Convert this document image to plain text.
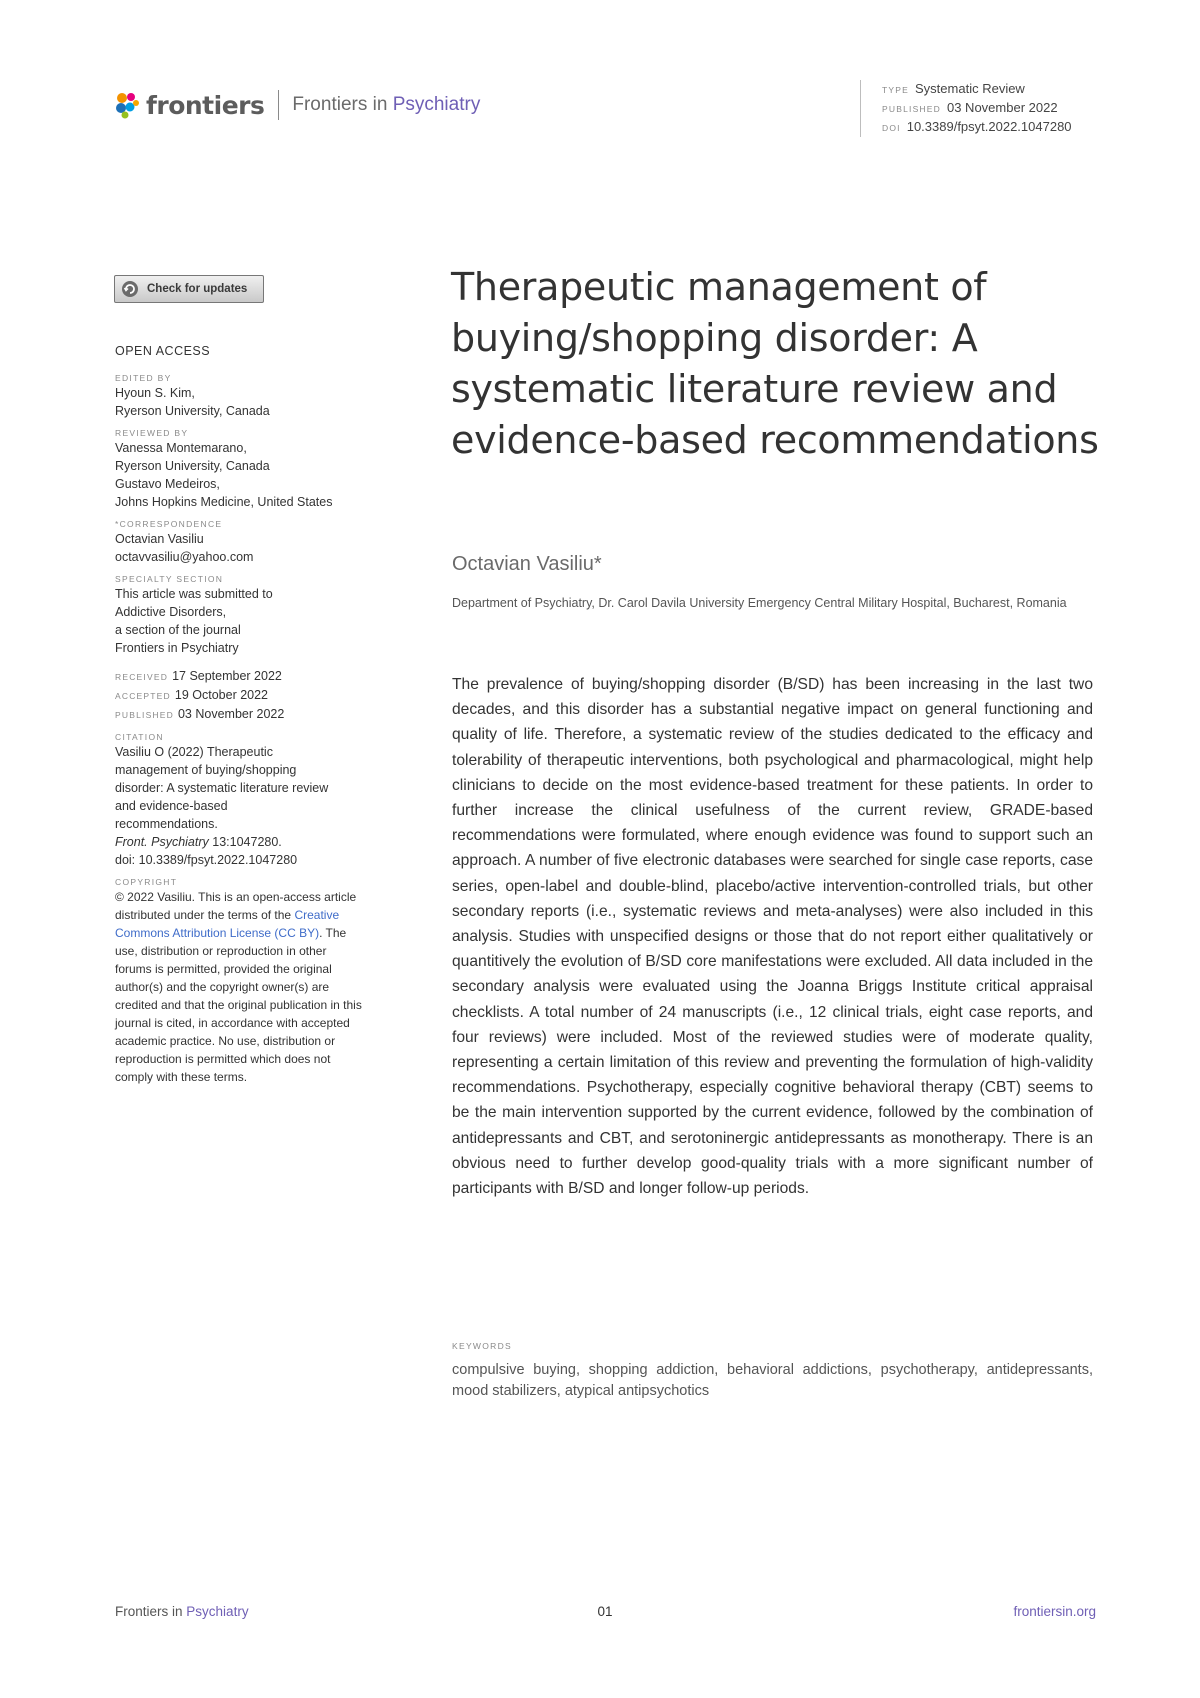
frontiers Frontiers in Psychiatry
TYPE Systematic Review
PUBLISHED 03 November 2022
DOI 10.3389/fpsyt.2022.1047280
Check for updates
OPEN ACCESS
EDITED BY
Hyoun S. Kim,
Ryerson University, Canada
REVIEWED BY
Vanessa Montemarano,
Ryerson University, Canada
Gustavo Medeiros,
Johns Hopkins Medicine, United States
*CORRESPONDENCE
Octavian Vasiliu
octavvasiliu@yahoo.com
SPECIALTY SECTION
This article was submitted to
Addictive Disorders,
a section of the journal
Frontiers in Psychiatry
RECEIVED 17 September 2022
ACCEPTED 19 October 2022
PUBLISHED 03 November 2022
CITATION
Vasiliu O (2022) Therapeutic
management of buying/shopping
disorder: A systematic literature review
and evidence-based
recommendations.
Front. Psychiatry 13:1047280.
doi: 10.3389/fpsyt.2022.1047280
COPYRIGHT
© 2022 Vasiliu. This is an open-access article distributed under the terms of the Creative Commons Attribution License (CC BY). The use, distribution or reproduction in other forums is permitted, provided the original author(s) and the copyright owner(s) are credited and that the original publication in this journal is cited, in accordance with accepted academic practice. No use, distribution or reproduction is permitted which does not comply with these terms.
Therapeutic management of buying/shopping disorder: A systematic literature review and evidence-based recommendations
Octavian Vasiliu*
Department of Psychiatry, Dr. Carol Davila University Emergency Central Military Hospital, Bucharest, Romania

The prevalence of buying/shopping disorder (B/SD) has been increasing in the last two decades, and this disorder has a substantial negative impact on general functioning and quality of life. Therefore, a systematic review of the studies dedicated to the efficacy and tolerability of therapeutic interventions, both psychological and pharmacological, might help clinicians to decide on the most evidence-based treatment for these patients. In order to further increase the clinical usefulness of the current review, GRADE-based recommendations were formulated, where enough evidence was found to support such an approach. A number of five electronic databases were searched for single case reports, case series, open-label and double-blind, placebo/active intervention-controlled trials, but other secondary reports (i.e., systematic reviews and meta-analyses) were also included in this analysis. Studies with unspecified designs or those that do not report either qualitatively or quantitively the evolution of B/SD core manifestations were excluded. All data included in the secondary analysis were evaluated using the Joanna Briggs Institute critical appraisal checklists. A total number of 24 manuscripts (i.e., 12 clinical trials, eight case reports, and four reviews) were included. Most of the reviewed studies were of moderate quality, representing a certain limitation of this review and preventing the formulation of high-validity recommendations. Psychotherapy, especially cognitive behavioral therapy (CBT) seems to be the main intervention supported by the current evidence, followed by the combination of antidepressants and CBT, and serotoninergic antidepressants as monotherapy. There is an obvious need to further develop good-quality trials with a more significant number of participants with B/SD and longer follow-up periods.

KEYWORDS

compulsive buying, shopping addiction, behavioral addictions, psychotherapy, antidepressants, mood stabilizers, atypical antipsychotics

Frontiers in Psychiatry	01	frontiersin.org
